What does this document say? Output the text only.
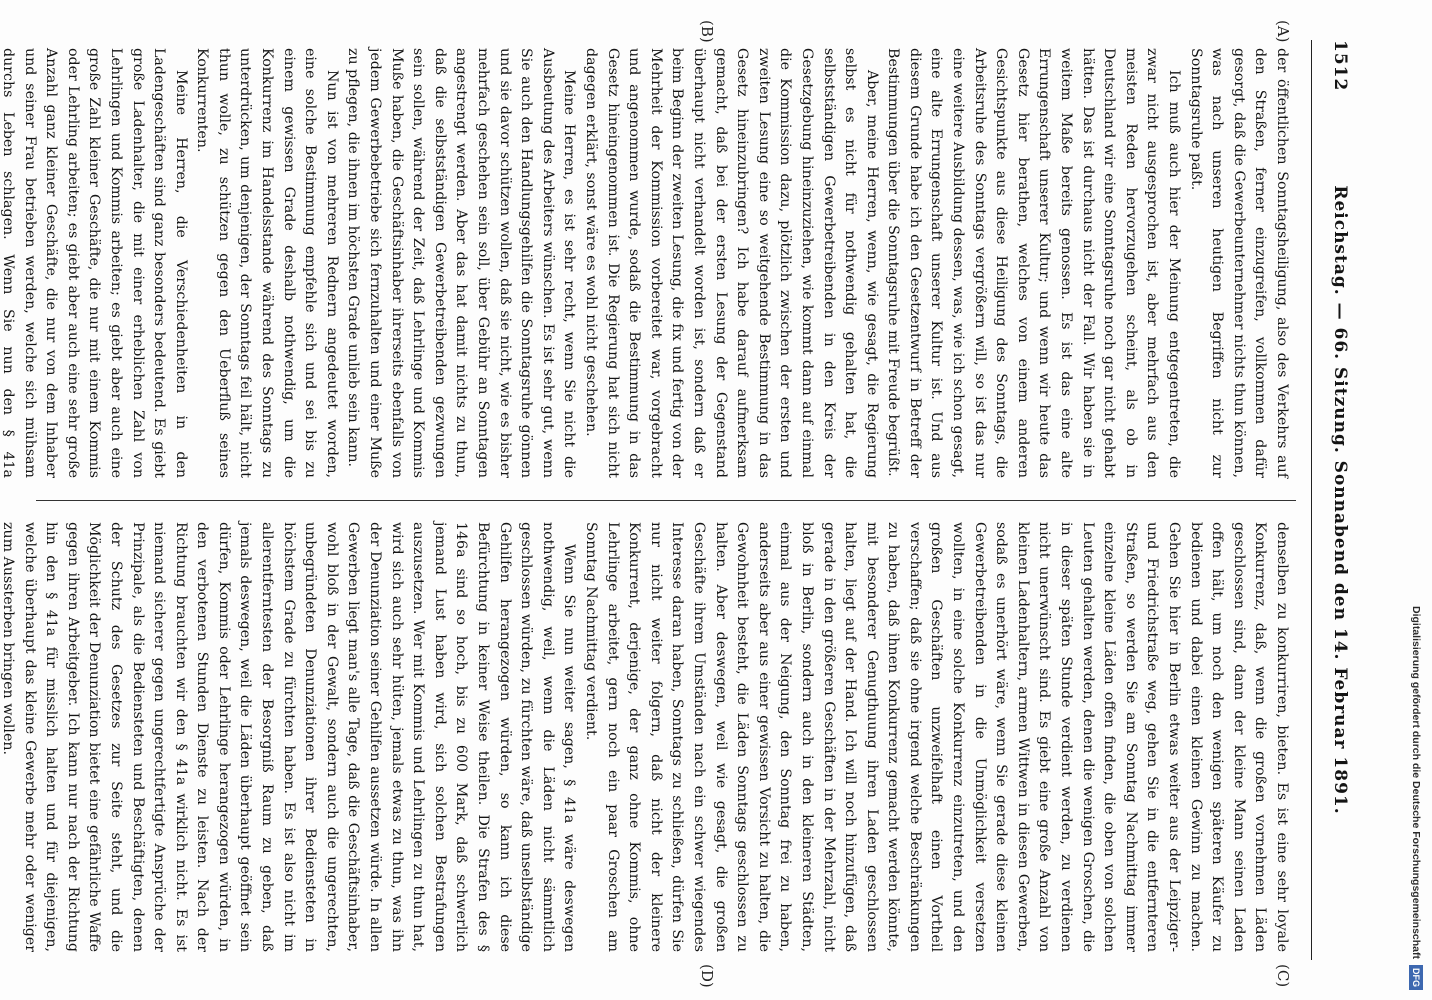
1512
Reichstag. — 66. Sitzung. Sonnabend den 14. Februar 1891.
(A)
(B)
(C)
(D)

der öffentlichen Sonntagsheiligung, also des Verkehrs auf den Straßen, ferner einzugreifen, vollkommen dafür gesorgt, daß die Gewerbeunternehmer nichts thun können, was nach unseren heutigen Begriffen nicht zur Sonntagsruhe paßt.

Ich muß auch hier der Meinung entgegentreten, die zwar nicht ausgesprochen ist, aber mehrfach aus den meisten Reden hervorzugehen scheint, als ob in Deutschland wir eine Sonntagsruhe noch gar nicht gehabt hätten. Das ist durchaus nicht der Fall. Wir haben sie in weitem Maße bereits genossen. Es ist das eine alte Errungenschaft unserer Kultur; und wenn wir heute das Gesetz hier berathen, welches von einem anderen Gesichtspunkte aus diese Heiligung des Sonntags, die Arbeitsruhe des Sonntags vergrößern will, so ist das nur eine weitere Ausbildung dessen, was, wie ich schon gesagt, eine alte Errungenschaft unserer Kultur ist. Und aus diesem Grunde habe ich den Gesetzentwurf in Betreff der Bestimmungen über die Sonntagsruhe mit Freude begrüßt.

Aber, meine Herren, wenn, wie gesagt, die Regierung selbst es nicht für nothwendig gehalten hat, die selbstständigen Gewerbetreibenden in den Kreis der Gesetzgebung hineinzuziehen, wie kommt dann auf einmal die Kommission dazu, plötzlich zwischen der ersten und zweiten Lesung eine so weitgehende Bestimmung in das Gesetz hineinzubringen? Ich habe darauf aufmerksam gemacht, daß bei der ersten Lesung der Gegenstand überhaupt nicht verhandelt worden ist, sondern daß er beim Beginn der zweiten Lesung, die fix und fertig von der Mehrheit der Kommission vorbereitet war, vorgebracht und angenommen wurde, sodaß die Bestimmung in das Gesetz hineingenommen ist. Die Regierung hat sich nicht dagegen erklärt, sonst wäre es wohl nicht geschehen.

Meine Herren, es ist sehr recht, wenn Sie nicht die Ausbeutung des Arbeiters wünschen. Es ist sehr gut, wenn Sie auch den Handlungsgehilfen die Sonntagsruhe gönnen und sie davor schützen wollen, daß sie nicht, wie es bisher mehrfach geschehen sein soll, über Gebühr an Sonntagen angestrengt werden. Aber das hat damit nichts zu thun, daß die selbstständigen Gewerbetreibenden gezwungen sein sollen, während der Zeit, daß Lehrlinge und Kommis Muße haben, die Geschäftsinhaber ihrerseits ebenfalls von jedem Gewerbebetriebe sich fernzuhalten und einer Muße zu pflegen, die ihnen im höchsten Grade unlieb sein kann.

Nun ist von mehreren Rednern angedeutet worden, eine solche Bestimmung empfehle sich und sei bis zu einem gewissen Grade deshalb nothwendig, um die Konkurrenz im Handelsstande während des Sonntags zu unterdrücken, um denjenigen, der Sonntags feil hält, nicht thun wolle, zu schützen gegen den Ueberfluß seines Konkurrenten.

Meine Herren, die Verschiedenheiten in den Ladengeschäften sind ganz besonders bedeutend. Es giebt große Ladenhalter, die mit einer erheblichen Zahl von Lehrlingen und Kommis arbeiten; es giebt aber auch eine große Zahl kleiner Geschäfte, die nur mit einem Kommis oder Lehrling arbeiten; es giebt aber auch eine sehr große Anzahl ganz kleiner Geschäfte, die nur von dem Inhaber und seiner Frau betrieben werden, welche sich mühsam durchs Leben schlagen. Wenn Sie nun den § 41a

denselben zu konkurriren, bieten. Es ist eine sehr loyale Konkurrenz, daß, wenn die großen vornehmen Läden geschlossen sind, dann der kleine Mann seinen Laden offen hält, um noch den wenigen späteren Käufer zu bedienen und dabei einen kleinen Gewinn zu machen. Gehen Sie hier in Berlin etwas weiter aus der Leipziger- und Friedrichstraße weg, gehen Sie in die entfernteren Straßen, so werden Sie am Sonntag Nachmittag immer einzelne kleine Läden offen finden, die oben von solchen Leuten gehalten werden, denen die wenigen Groschen, die in dieser späten Stunde verdient werden, zu verdienen nicht unerwünscht sind. Es giebt eine große Anzahl von kleinen Ladenhaltern, armen Wittwen in diesen Gewerben, sodaß es unerhört wäre, wenn Sie gerade diese kleinen Gewerbetreibenden in die Unmöglichkeit versetzen wollten, in eine solche Konkurrenz einzutreten, und den großen Geschäften unzweifelhaft einen Vortheil verschaffen; daß sie ohne irgend welche Beschränkungen zu haben, daß ihnen Konkurrenz gemacht werden könnte, mit besonderer Genugthuung ihren Laden geschlossen halten, liegt auf der Hand. Ich will noch hinzufügen, daß gerade in den größeren Geschäften in der Mehrzahl, nicht bloß in Berlin, sondern auch in den kleineren Städten, einmal aus der Neigung, den Sonntag frei zu haben, anderseits aber aus einer gewissen Vorsicht zu halten, die Gewohnheit besteht, die Läden Sonntags geschlossen zu halten. Aber deswegen, weil wie gesagt, die großen Geschäfte ihrem Umständen nach ein schwer wiegendes Interesse daran haben, Sonntags zu schließen, dürfen Sie nur nicht weiter folgern, daß nicht der kleinere Konkurrent, derjenige, der ganz ohne Kommis, ohne Lehrlinge arbeitet, gern noch ein paar Groschen am Sonntag Nachmittag verdient.

Wenn Sie nun weiter sagen, § 41a wäre deswegen nothwendig, weil, wenn die Läden nicht sämmtlich geschlossen würden, zu fürchten wäre, daß unselbständige Gehilfen herangezogen würden, so kann ich diese Befürchtung in keiner Weise theilen. Die Strafen des § 146a sind so hoch, bis zu 600 Mark, daß schwerlich jemand Lust haben wird, sich solchen Bestrafungen auszusetzen. Wer mit Kommis und Lehrlingen zu thun hat, wird sich auch sehr hüten, jemals etwas zu thun, was ihn der Denunziation seiner Gehilfen aussetzen würde. In allen Gewerben liegt man's alle Tage, daß die Geschäftsinhaber, wohl bloß in der Gewalt, sondern auch die ungerechten, unbegründeten Denunziationen ihrer Bediensteten in höchstem Grade zu fürchten haben. Es ist also nicht im allerentferntesten der Besorgniß Raum zu geben, daß jemals deswegen, weil die Läden überhaupt geöffnet sein dürfen, Kommis oder Lehrlinge herangezogen würden, in den verbotenen Stunden Dienste zu leisten. Nach der Richtung brauchten wir den § 41a wirklich nicht. Es ist niemand sicherer gegen ungerechtfertigte Ansprüche der Prinzipale, als die Bediensteten und Beschäftigten, denen der Schutz des Gesetzes zur Seite steht, und die Möglichkeit der Denunziation bietet eine gefährliche Waffe gegen ihren Arbeitgeber. Ich kann nur nach der Richtung hin den § 41a für misslich halten und für diejenigen, welche überhaupt das kleine Gewerbe mehr oder weniger zum Aussterben bringen wollen.	Digitalisierung gefördert durch die Deutsche ForschungsgemeinschaftDFG
